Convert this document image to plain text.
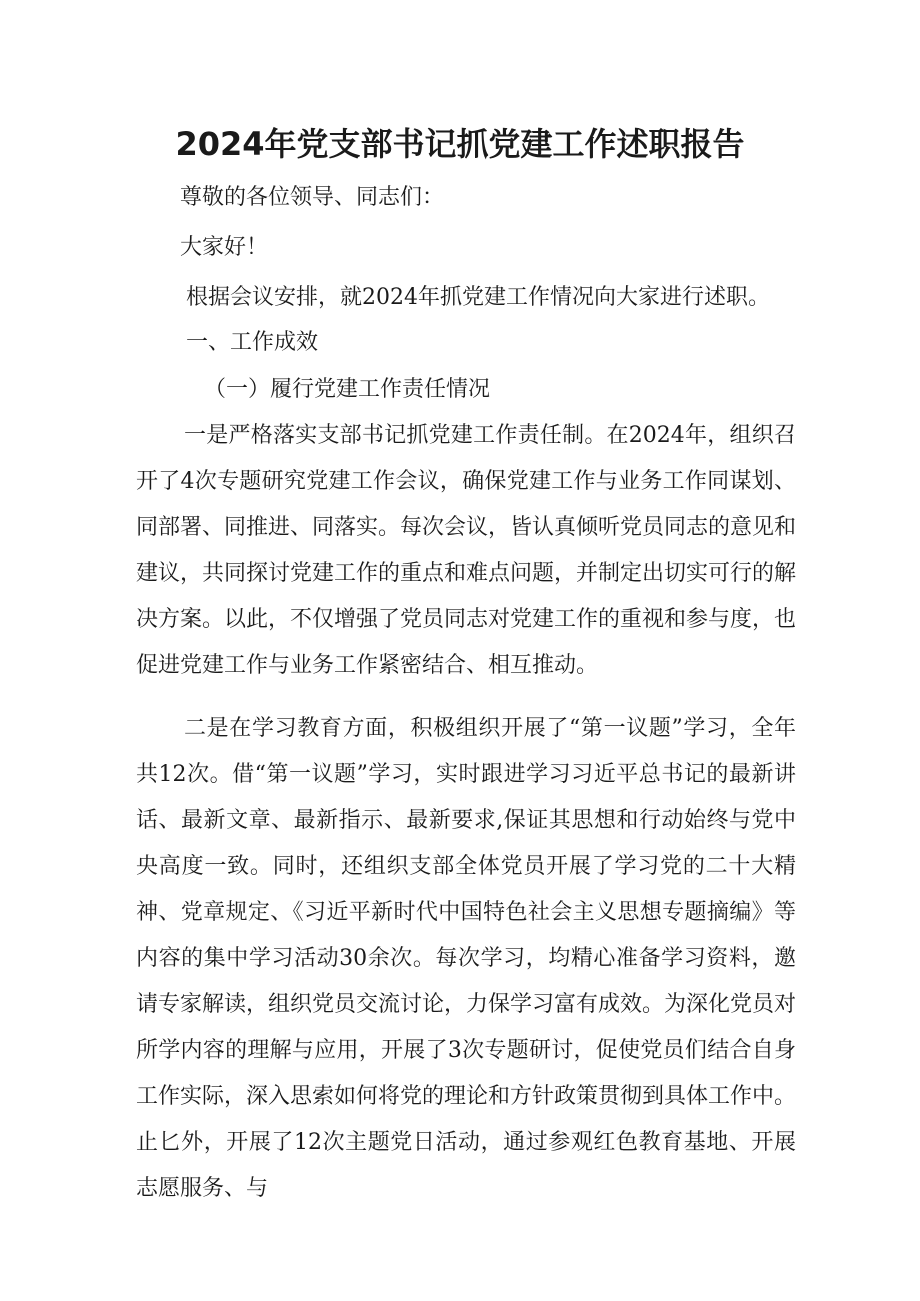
2024年党支部书记抓党建工作述职报告

尊敬的各位领导、同志们：

大家好！

根据会议安排，就2024年抓党建工作情况向大家进行述职。

一、工作成效

（一）履行党建工作责任情况

一是严格落实支部书记抓党建工作责任制。在2024年，组织召开了4次专题研究党建工作会议，确保党建工作与业务工作同谋划、同部署、同推进、同落实。每次会议，皆认真倾听党员同志的意见和建议，共同探讨党建工作的重点和难点问题，并制定出切实可行的解决方案。以此，不仅增强了党员同志对党建工作的重视和参与度，也促进党建工作与业务工作紧密结合、相互推动。

二是在学习教育方面，积极组织开展了“第一议题”学习，全年共12次。借“第一议题”学习，实时跟进学习习近平总书记的最新讲话、最新文章、最新指示、最新要求,保证其思想和行动始终与党中央高度一致。同时，还组织支部全体党员开展了学习党的二十大精神、党章规定、《习近平新时代中国特色社会主义思想专题摘编》等内容的集中学习活动30余次。每次学习，均精心准备学习资料，邀请专家解读，组织党员交流讨论，力保学习富有成效。为深化党员对所学内容的理解与应用，开展了3次专题研讨，促使党员们结合自身工作实际，深入思索如何将党的理论和方针政策贯彻到具体工作中。止匕外，开展了12次主题党日活动，通过参观红色教育基地、开展志愿服务、与
